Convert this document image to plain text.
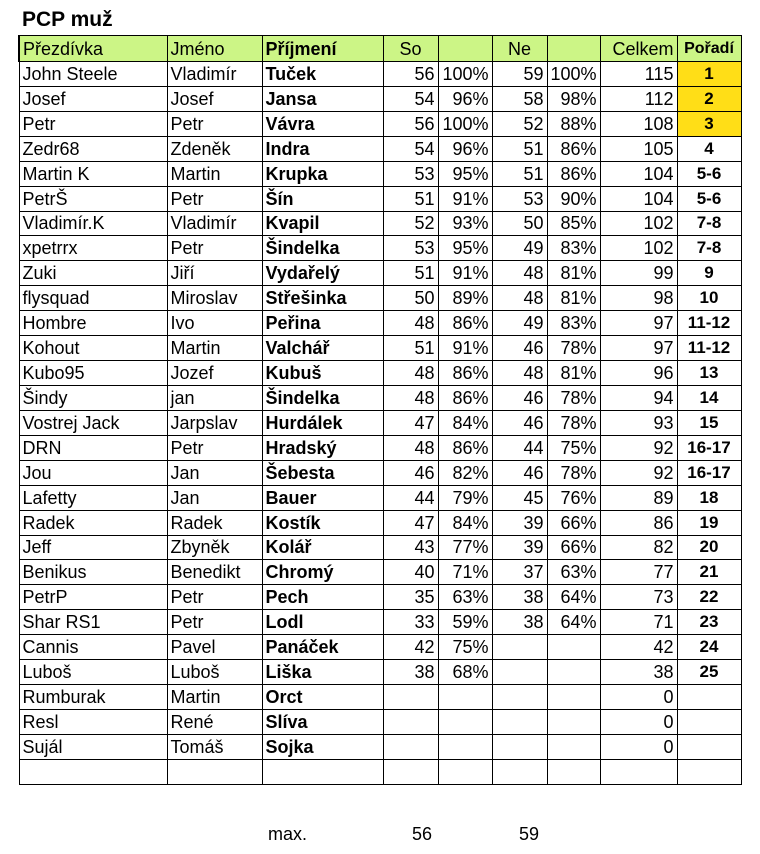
PCP muž
Přezdívka	Jméno	Příjmení	So		Ne		Celkem	Pořadí
John Steele	Vladimír	Tuček	56	100%	59	100%	115	1
Josef	Josef	Jansa	54	96%	58	98%	112	2
Petr	Petr	Vávra	56	100%	52	88%	108	3
Zedr68	Zdeněk	Indra	54	96%	51	86%	105	4
Martin K	Martin	Krupka	53	95%	51	86%	104	5-6
PetrŠ	Petr	Šín	51	91%	53	90%	104	5-6
Vladimír.K	Vladimír	Kvapil	52	93%	50	85%	102	7-8
xpetrrx	Petr	Šindelka	53	95%	49	83%	102	7-8
Zuki	Jiří	Vydařelý	51	91%	48	81%	99	9
flysquad	Miroslav	Střešinka	50	89%	48	81%	98	10
Hombre	Ivo	Peřina	48	86%	49	83%	97	11-12
Kohout	Martin	Valchář	51	91%	46	78%	97	11-12
Kubo95	Jozef	Kubuš	48	86%	48	81%	96	13
Šindy	jan	Šindelka	48	86%	46	78%	94	14
Vostrej Jack	Jarpslav	Hurdálek	47	84%	46	78%	93	15
DRN	Petr	Hradský	48	86%	44	75%	92	16-17
Jou	Jan	Šebesta	46	82%	46	78%	92	16-17
Lafetty	Jan	Bauer	44	79%	45	76%	89	18
Radek	Radek	Kostík	47	84%	39	66%	86	19
Jeff	Zbyněk	Kolář	43	77%	39	66%	82	20
Benikus	Benedikt	Chromý	40	71%	37	63%	77	21
PetrP	Petr	Pech	35	63%	38	64%	73	22
Shar RS1	Petr	Lodl	33	59%	38	64%	71	23
Cannis	Pavel	Panáček	42	75%			42	24
Luboš	Luboš	Liška	38	68%			38	25
Rumburak	Martin	Orct					0	
Resl	René	Slíva					0	
Sujál	Tomáš	Sojka					0	

max.	56	59
